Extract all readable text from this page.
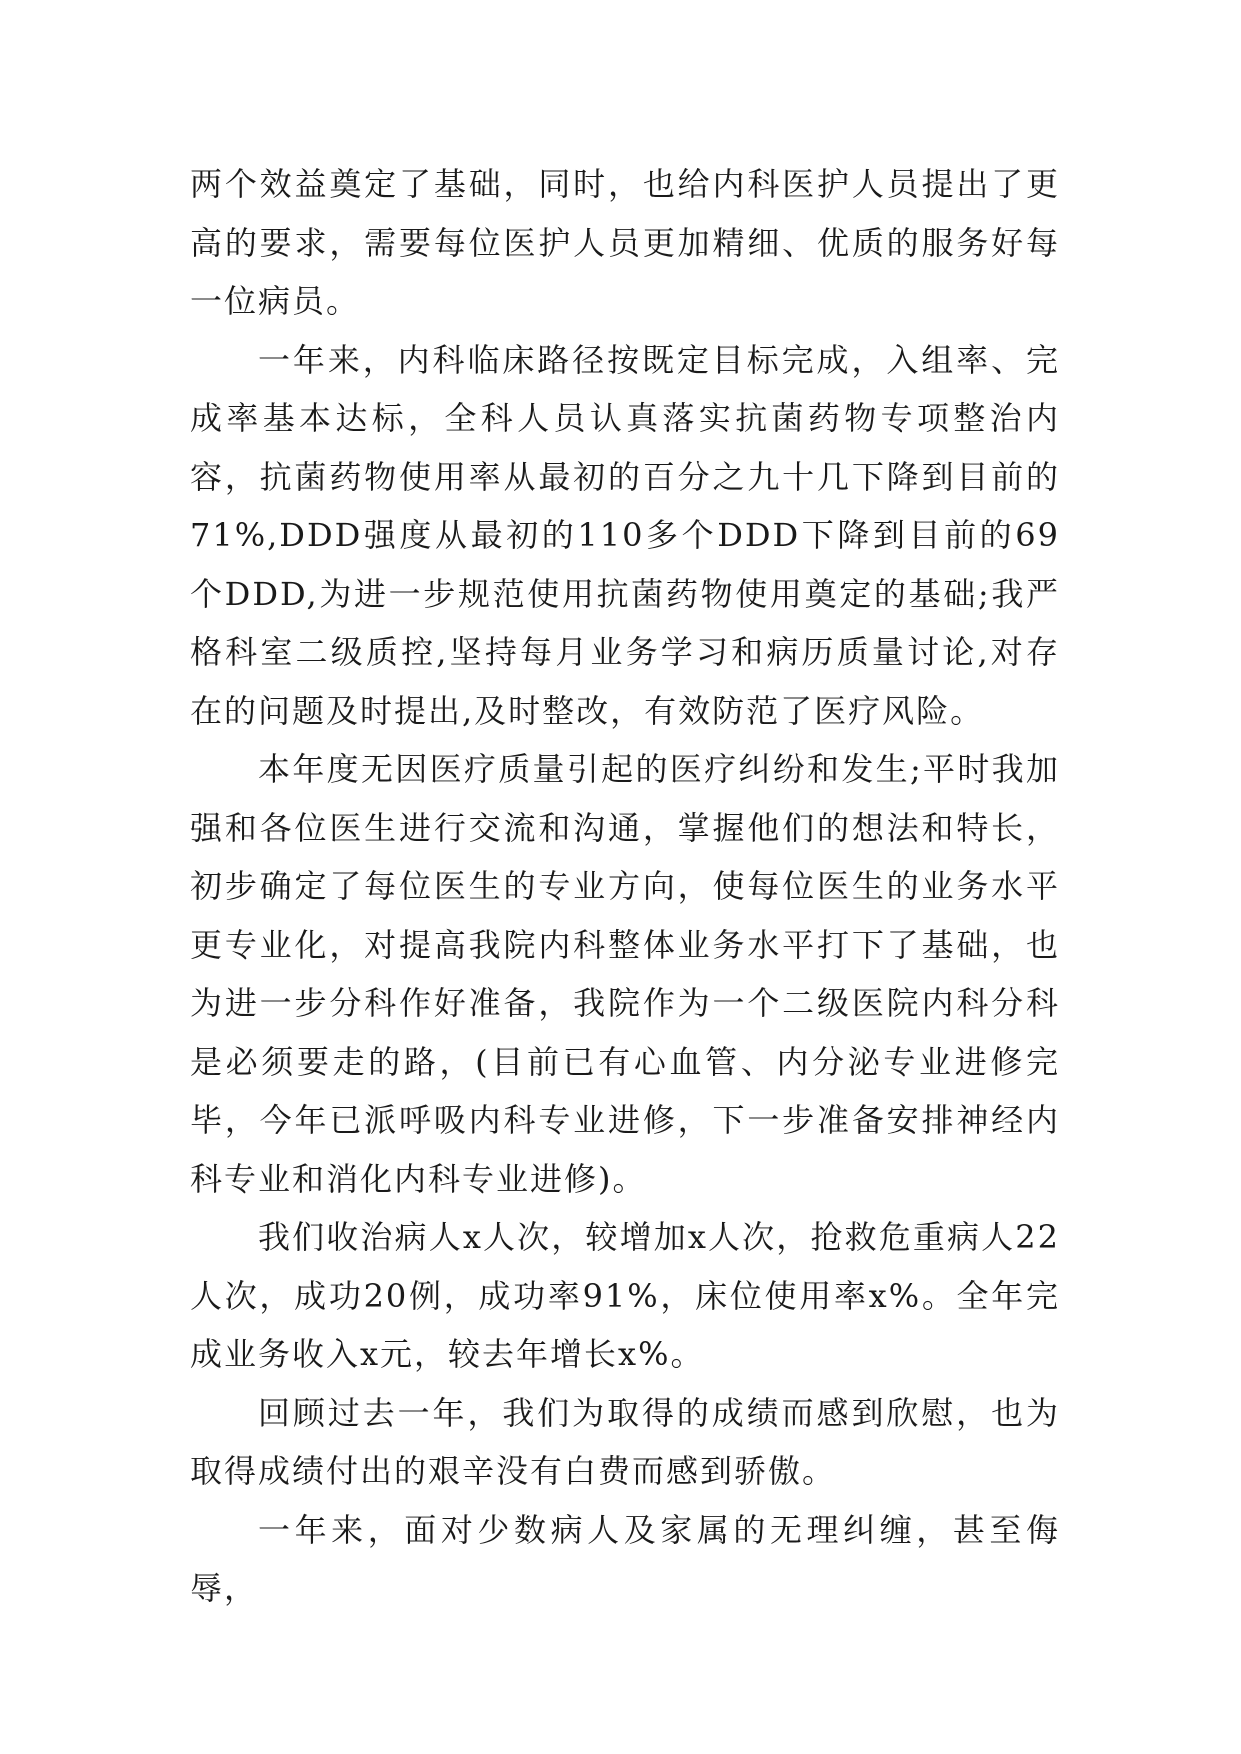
两个效益奠定了基础，同时，也给内科医护人员提出了更高的要求，需要每位医护人员更加精细、优质的服务好每一位病员。

一年来，内科临床路径按既定目标完成，入组率、完成率基本达标，全科人员认真落实抗菌药物专项整治内容，抗菌药物使用率从最初的百分之九十几下降到目前的71%,DDD强度从最初的110多个DDD下降到目前的69个DDD,为进一步规范使用抗菌药物使用奠定的基础;我严格科室二级质控,坚持每月业务学习和病历质量讨论,对存在的问题及时提出,及时整改，有效防范了医疗风险。

本年度无因医疗质量引起的医疗纠纷和发生;平时我加强和各位医生进行交流和沟通，掌握他们的想法和特长，初步确定了每位医生的专业方向，使每位医生的业务水平更专业化，对提高我院内科整体业务水平打下了基础，也为进一步分科作好准备，我院作为一个二级医院内科分科是必须要走的路，(目前已有心血管、内分泌专业进修完毕，今年已派呼吸内科专业进修，下一步准备安排神经内科专业和消化内科专业进修)。

我们收治病人x人次，较增加x人次，抢救危重病人22人次，成功20例，成功率91%，床位使用率x%。全年完成业务收入x元，较去年增长x%。

回顾过去一年，我们为取得的成绩而感到欣慰，也为取得成绩付出的艰辛没有白费而感到骄傲。

一年来，面对少数病人及家属的无理纠缠，甚至侮辱，
